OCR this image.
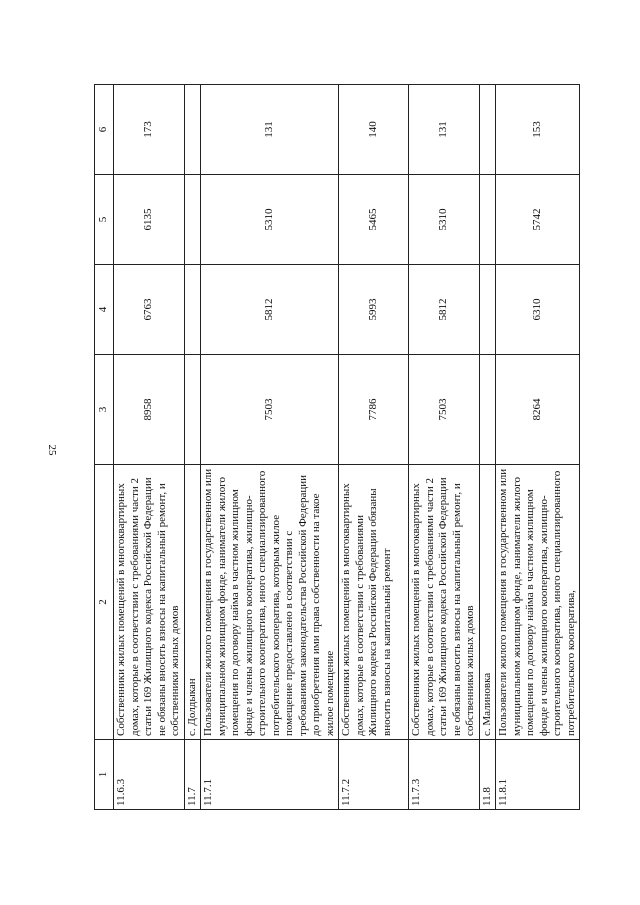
25
1	2	3	4	5	6
11.6.3	Собственники жилых помещений в многоквартирных домах, которые в соответствии с требованиями части 2 статьи 169 Жилищного кодекса Российской Федерации не обязаны вносить взносы на капитальный ремонт, и собственники жилых домов	8958	6763	6135	173
11.7	с. Долдыкан				
11.7.1	Пользователи жилого помещения в государственном или муниципальном жилищном фонде, наниматели жилого помещения по договору найма в частном жилищном фонде и члены жилищного кооператива, жилищно-строительного кооператива, иного специализированного потребительского кооператива, которым жилое помещение предоставлено в соответствии с требованиями законодательства Российской Федерации до приобретения ими права собственности на такое жилое помещение	7503	5812	5310	131
11.7.2	Собственники жилых помещений в многоквартирных домах, которые в соответствии с требованиями Жилищного кодекса Российской Федерации обязаны вносить взносы на капитальный ремонт	7786	5993	5465	140
11.7.3	Собственники жилых помещений в многоквартирных домах, которые в соответствии с требованиями части 2 статьи 169 Жилищного кодекса Российской Федерации не обязаны вносить взносы на капитальный ремонт, и собственники жилых домов	7503	5812	5310	131
11.8	с. Малиновка				
11.8.1	Пользователи жилого помещения в государственном или муниципальном жилищном фонде, наниматели жилого помещения по договору найма в частном жилищном фонде и члены жилищного кооператива, жилищно-строительного кооператива, иного специализированного потребительского кооператива,	8264	6310	5742	153
